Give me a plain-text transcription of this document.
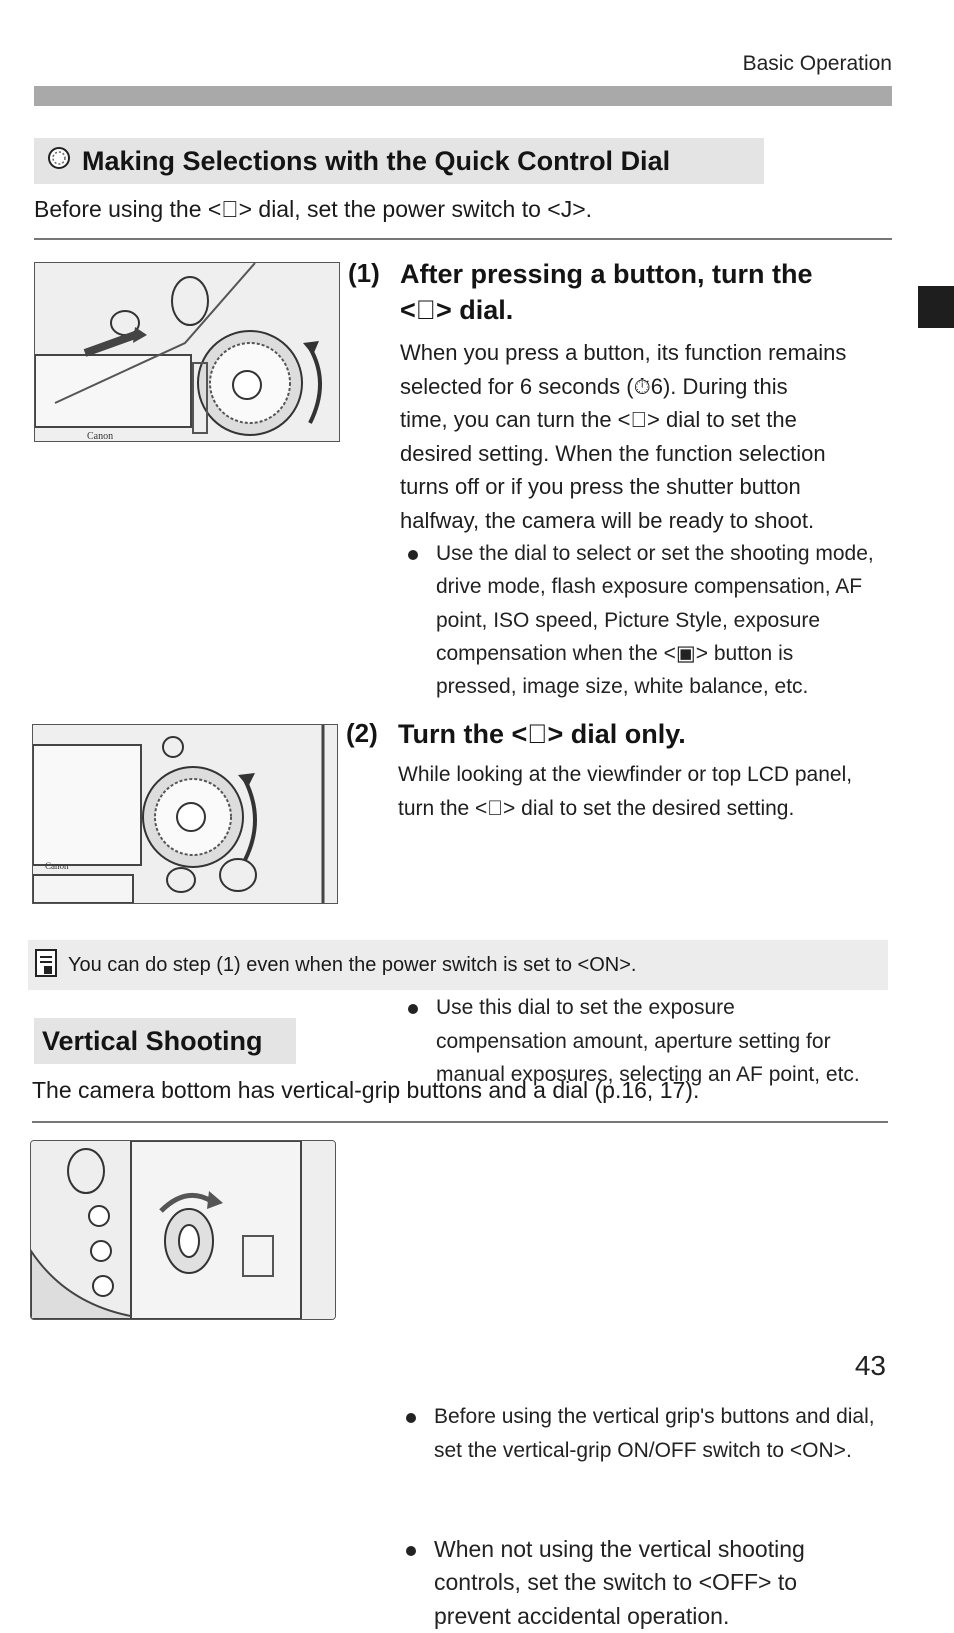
Basic Operation
Making Selections with the Quick Control Dial
Before using the <⃝> dial, set the power switch to <J>.
Canon
(1) After pressing a button, turn the
<⃝> dial.
When you press a button, its function remains
selected for 6 seconds (⏱6). During this
time, you can turn the <⃝> dial to set the
desired setting. When the function selection
turns off or if you press the shutter button
halfway, the camera will be ready to shoot.
Use the dial to select or set the shooting mode,
drive mode, flash exposure compensation, AF
point, ISO speed, Picture Style, exposure
compensation when the <▣> button is
pressed, image size, white balance, etc.
Canon
(2) Turn the <⃝> dial only.
While looking at the viewfinder or top LCD panel,
turn the <⃝> dial to set the desired setting.
Use this dial to set the exposure
compensation amount, aperture setting for
manual exposures, selecting an AF point, etc.
You can do step (1) even when the power switch is set to <ON>.
Vertical Shooting
The camera bottom has vertical-grip buttons and a dial (p.16, 17).
Before using the vertical grip's buttons and dial,
set the vertical-grip ON/OFF switch to <ON>.
When not using the vertical shooting
controls, set the switch to <OFF> to
prevent accidental operation.
43
